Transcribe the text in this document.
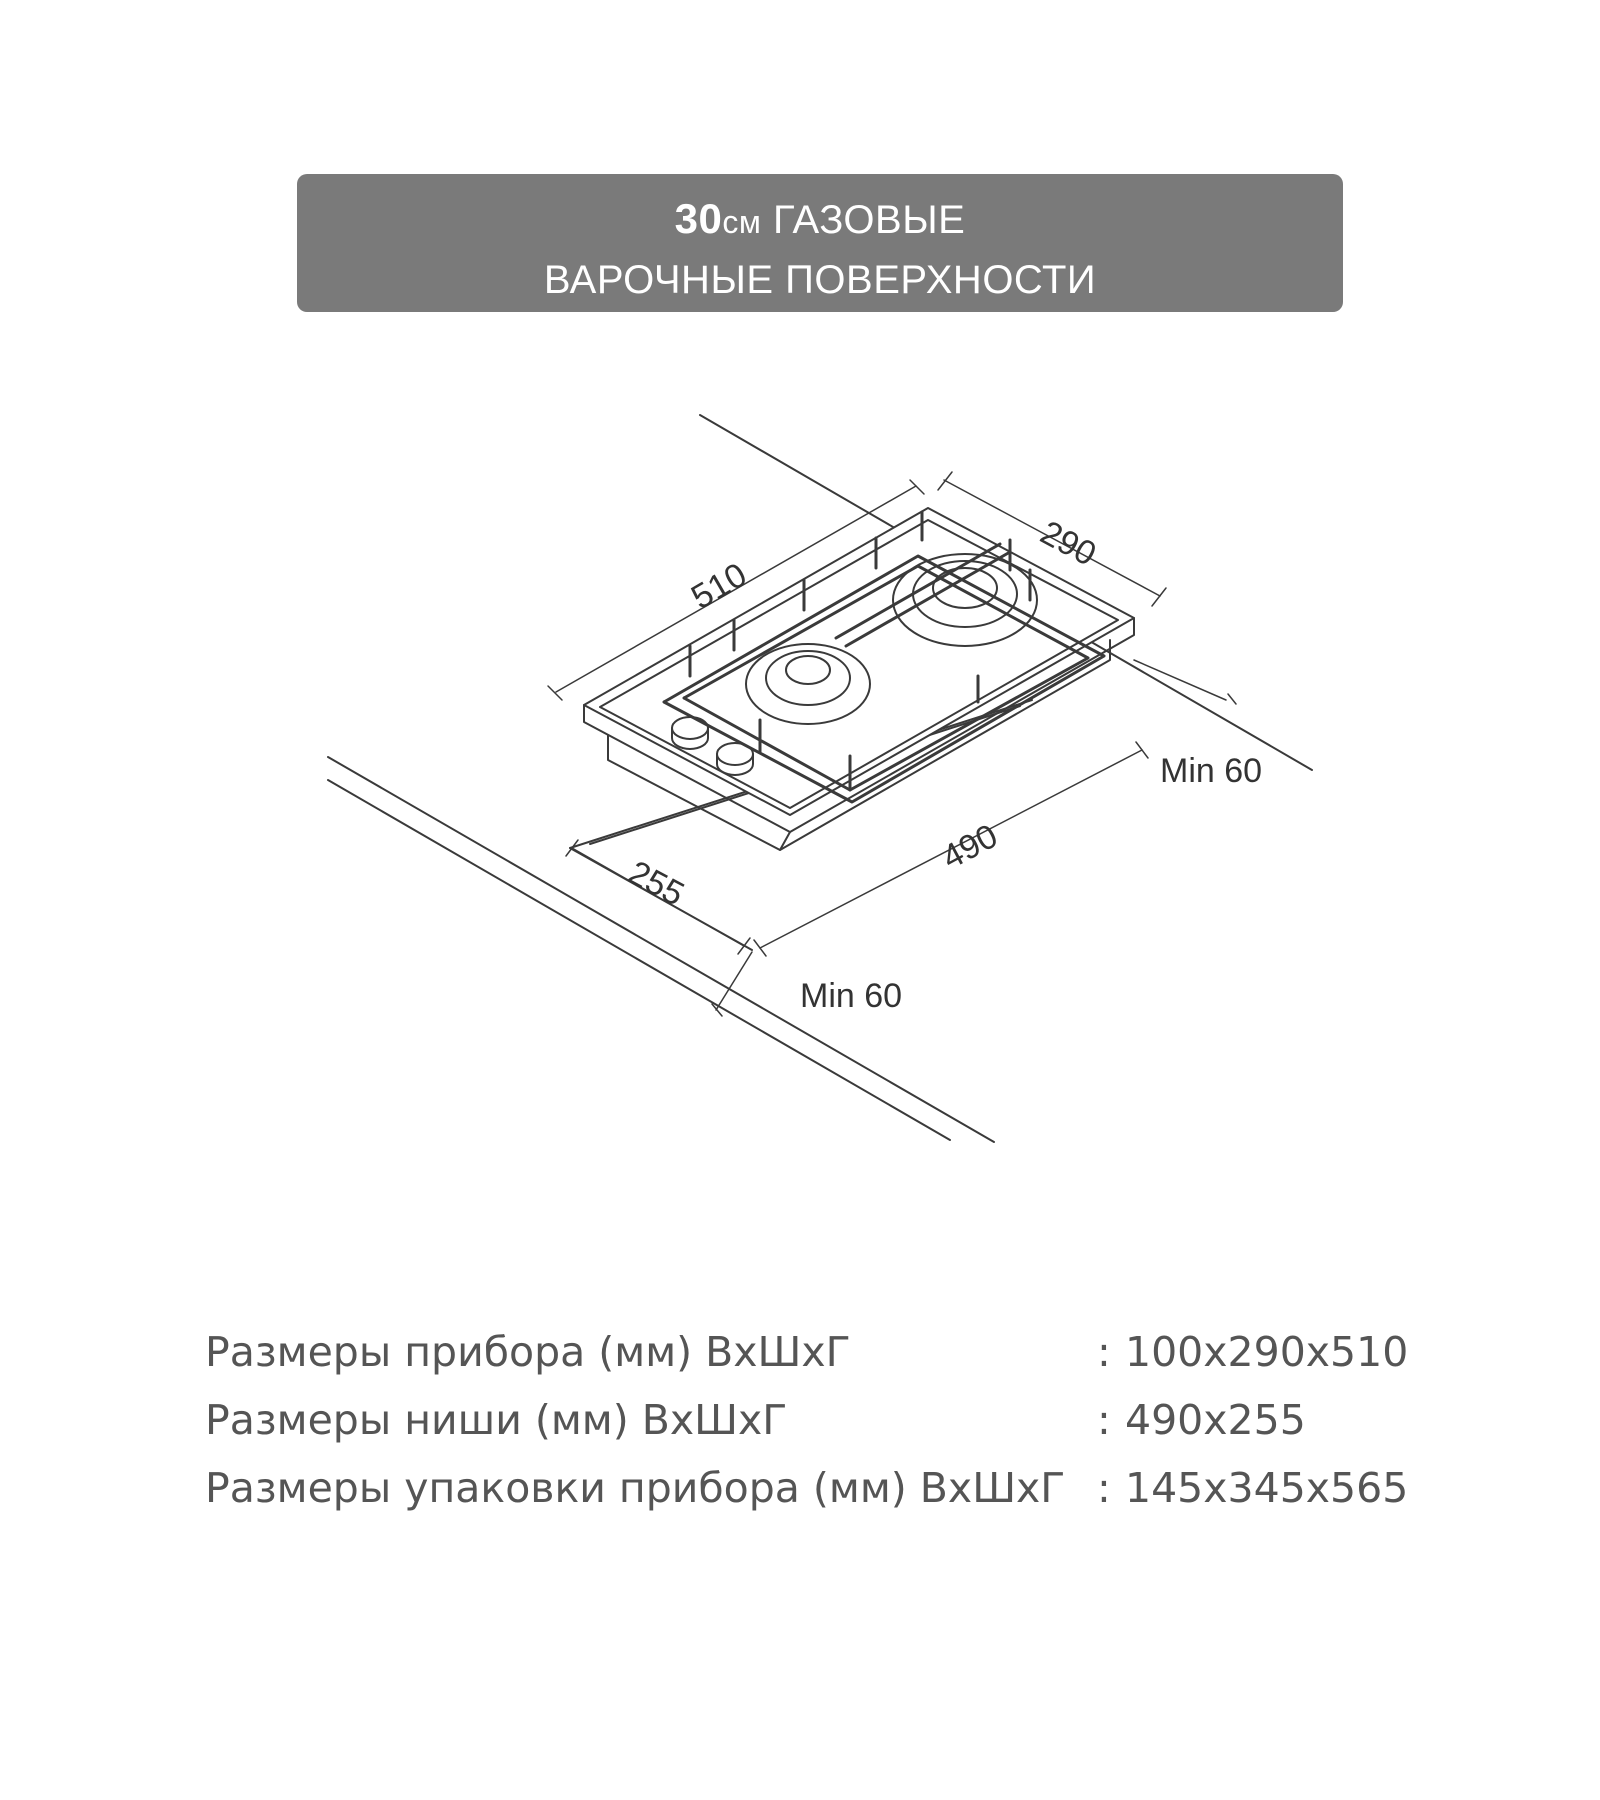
30см ГАЗОВЫЕ
ВАРОЧНЫЕ ПОВЕРХНОСТИ
510
290
490
255
Min 60
Min 60
Размеры прибора (мм) ВхШхГ	: 100x290x510
Размеры ниши (мм) ВхШхГ	: 490x255
Размеры упаковки прибора (мм) ВхШхГ : 145x345x565
